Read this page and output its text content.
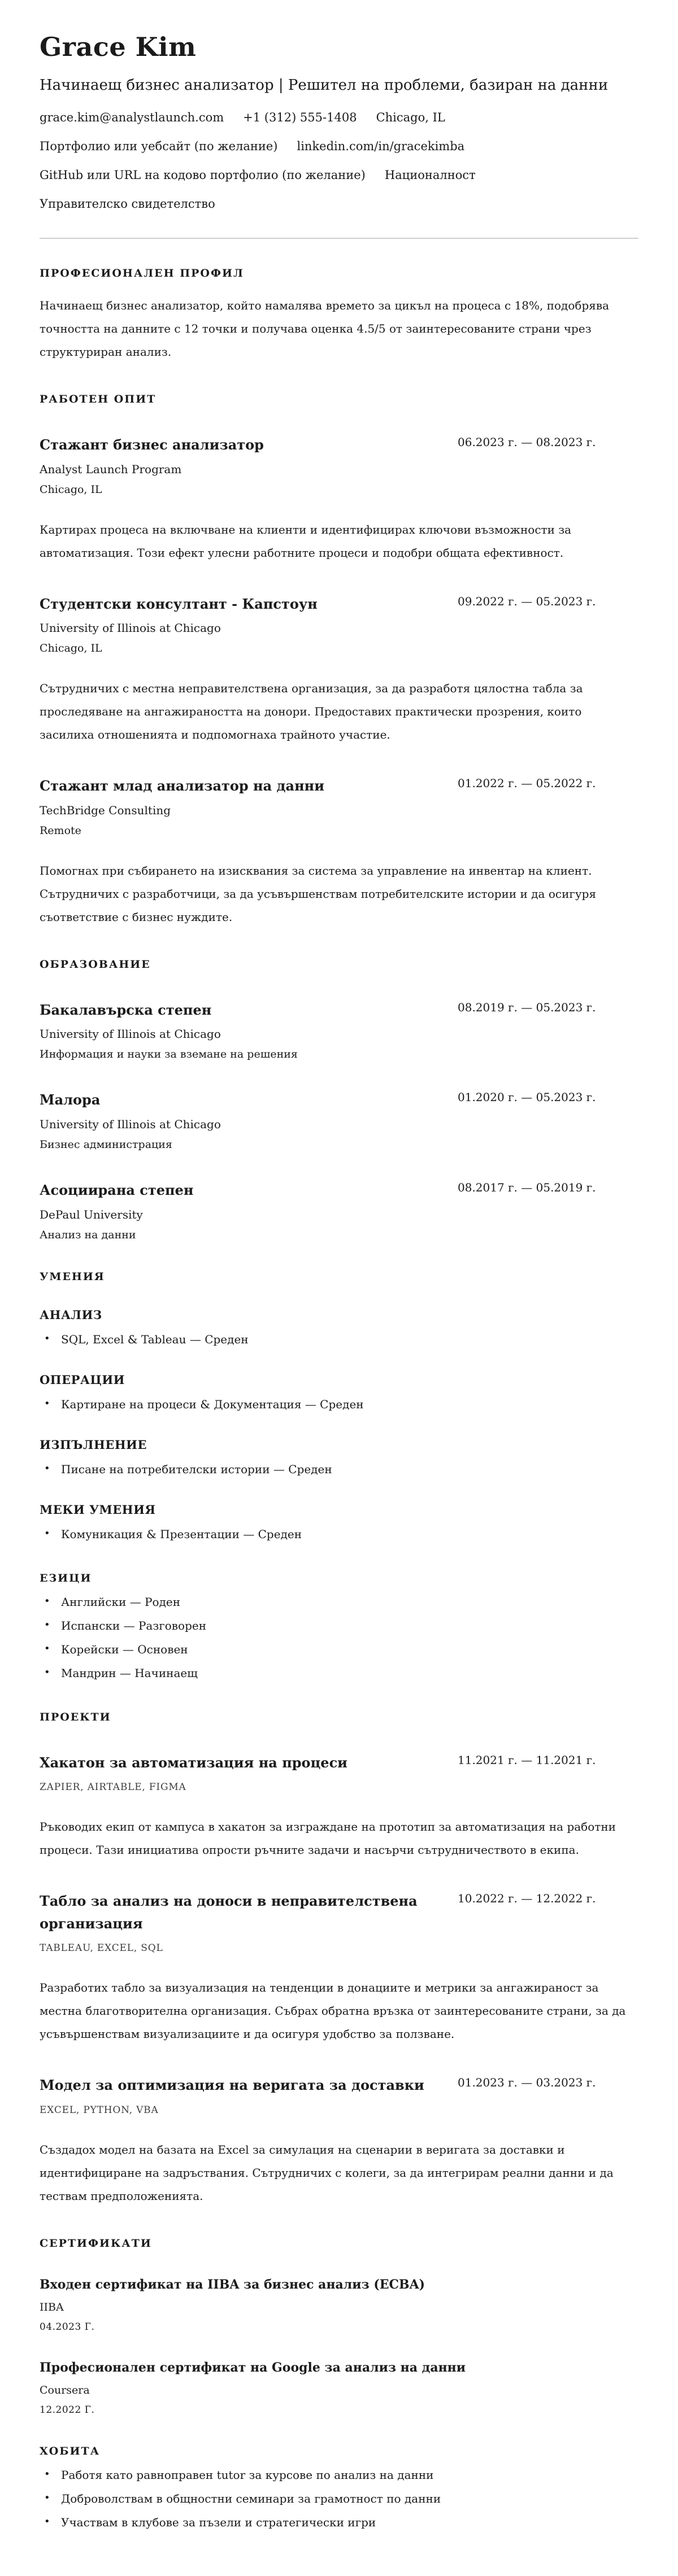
Grace Kim
Начинаещ бизнес анализатор | Решител на проблеми, базиран на данни
grace.kim@analystlaunch.com +1 (312) 555-1408 Chicago, IL
Портфолио или уебсайт (по желание) linkedin.com/in/gracekimba
GitHub или URL на кодово портфолио (по желание) Националност
Управителско свидетелство
ПРОФЕСИОНАЛЕН ПРОФИЛ
Начинаещ бизнес анализатор, който намалява времето за цикъл на процеса с 18%, подобрява точността на данните с 12 точки и получава оценка 4.5/5 от заинтересованите страни чрез структуриран анализ.
РАБОТЕН ОПИТ
Стажант бизнес анализатор	06.2023 г. — 08.2023 г.
Analyst Launch Program
Chicago, IL
Картирах процеса на включване на клиенти и идентифицирах ключови възможности за автоматизация. Този ефект улесни работните процеси и подобри общата ефективност.
Студентски консултант - Капстоун	09.2022 г. — 05.2023 г.
University of Illinois at Chicago
Chicago, IL
Сътрудничих с местна неправителствена организация, за да разработя цялостна табла за проследяване на ангажираността на донори. Предоставих практически прозрения, които засилиха отношенията и подпомогнаха трайното участие.
Стажант млад анализатор на данни	01.2022 г. — 05.2022 г.
TechBridge Consulting
Remote
Помогнах при събирането на изисквания за система за управление на инвентар на клиент. Сътрудничих с разработчици, за да усъвършенствам потребителските истории и да осигуря съответствие с бизнес нуждите.
ОБРАЗОВАНИЕ
Бакалавърска степен	08.2019 г. — 05.2023 г.
University of Illinois at Chicago
Информация и науки за вземане на решения
Малора	01.2020 г. — 05.2023 г.
University of Illinois at Chicago
Бизнес администрация
Асоциирана степен	08.2017 г. — 05.2019 г.
DePaul University
Анализ на данни
УМЕНИЯ
АНАЛИЗ
• SQL, Excel & Tableau — Среден
ОПЕРАЦИИ
• Картиране на процеси & Документация — Среден
ИЗПЪЛНЕНИЕ
• Писане на потребителски истории — Среден
МЕКИ УМЕНИЯ
• Комуникация & Презентации — Среден
ЕЗИЦИ
• Английски — Роден
• Испански — Разговорен
• Корейски — Основен
• Мандрин — Начинаещ
ПРОЕКТИ
Хакатон за автоматизация на процеси	11.2021 г. — 11.2021 г.
ZAPIER, AIRTABLE, FIGMA
Ръководих екип от кампуса в хакатон за изграждане на прототип за автоматизация на работни процеси. Тази инициатива опрости ръчните задачи и насърчи сътрудничеството в екипа.
Табло за анализ на доноси в неправителствена организация
10.2022 г. — 12.2022 г.
TABLEAU, EXCEL, SQL
Разработих табло за визуализация на тенденции в донациите и метрики за ангажираност за местна благотворителна организация. Събрах обратна връзка от заинтересованите страни, за да усъвършенствам визуализациите и да осигуря удобство за ползване.
Модел за оптимизация на веригата за доставки	01.2023 г. — 03.2023 г.
EXCEL, PYTHON, VBA
Създадох модел на базата на Excel за симулация на сценарии в веригата за доставки и идентифициране на задръствания. Сътрудничих с колеги, за да интегрирам реални данни и да тествам предположенията.
СЕРТИФИКАТИ
Входен сертификат на IIBA за бизнес анализ (ECBA)
IIBA
04.2023 Г.
Професионален сертификат на Google за анализ на данни
Coursera
12.2022 Г.
ХОБИТА
• Работя като равноправен tutor за курсове по анализ на данни
• Доброволствам в общностни семинари за грамотност по данни
• Участвам в клубове за пъзели и стратегически игри
